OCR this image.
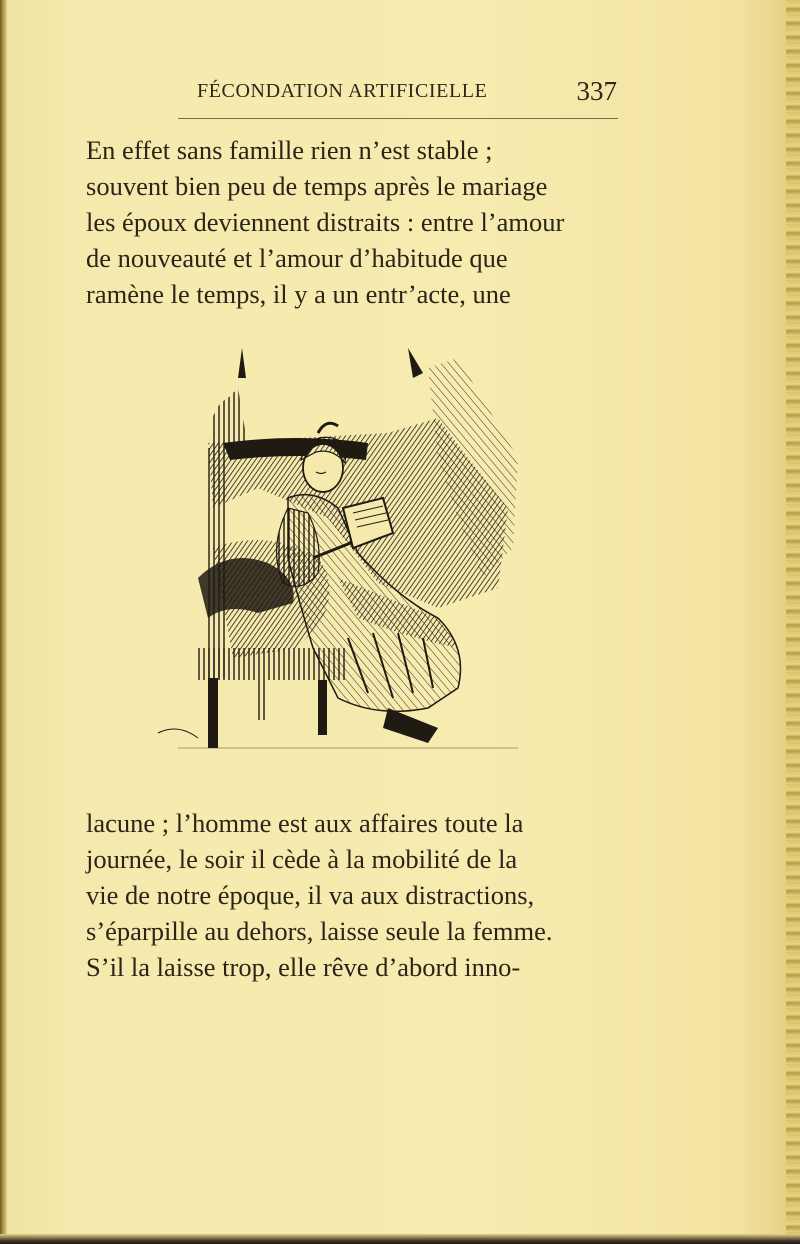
FÉCONDATION ARTIFICIELLE	337
En effet sans famille rien n’est stable ;
souvent bien peu de temps après le mariage
les époux deviennent distraits : entre l’amour
de nouveauté et l’amour d’habitude que
ramène le temps, il y a un entr’acte, une
lacune ; l’homme est aux affaires toute la
journée, le soir il cède à la mobilité de la
vie de notre époque, il va aux distractions,
s’éparpille au dehors, laisse seule la femme.
S’il la laisse trop, elle rêve d’abord inno-
